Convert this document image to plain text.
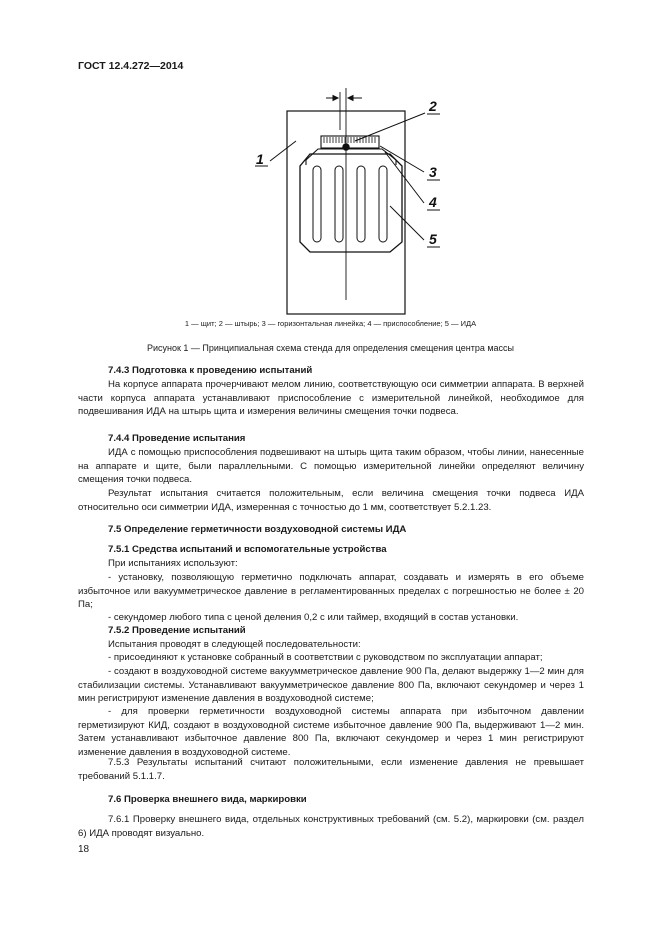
ГОСТ 12.4.272—2014
1
2
3
4
5
1 — щит; 2 — штырь; 3 — горизонтальная линейка; 4 — приспособление; 5 — ИДА
Рисунок 1 — Принципиальная схема стенда для определения смещения центра массы
7.4.3 Подготовка к проведению испытаний
На корпусе аппарата прочерчивают мелом линию, соответствующую оси симметрии аппарата. В верхней части корпуса аппарата устанавливают приспособление с измерительной линейкой, необходимое для подвешивания ИДА на штырь щита и измерения величины смещения точки подвеса.
7.4.4 Проведение испытания
ИДА с помощью приспособления подвешивают на штырь щита таким образом, чтобы линии, нанесенные на аппарате и щите, были параллельными. С помощью измерительной линейки определяют величину смещения точки подвеса.
Результат испытания считается положительным, если величина смещения точки подвеса ИДА относительно оси симметрии ИДА, измеренная с точностью до 1 мм, соответствует 5.2.1.23.
7.5 Определение герметичности воздуховодной системы ИДА
7.5.1 Средства испытаний и вспомогательные устройства
При испытаниях используют:
- установку, позволяющую герметично подключать аппарат, создавать и измерять в его объеме избыточное или вакуумметрическое давление в регламентированных пределах с погрешностью не более ± 20 Па;
- секундомер любого типа с ценой деления 0,2 с или таймер, входящий в состав установки.
7.5.2 Проведение испытаний
Испытания проводят в следующей последовательности:
- присоединяют к установке собранный в соответствии с руководством по эксплуатации аппарат;
- создают в воздуховодной системе вакуумметрическое давление 900 Па, делают выдержку 1—2 мин для стабилизации системы. Устанавливают вакуумметрическое давление 800 Па, включают секундомер и через 1 мин регистрируют изменение давления в воздуховодной системе;
- для проверки герметичности воздуховодной системы аппарата при избыточном давлении герметизируют КИД, создают в воздуховодной системе избыточное давление 900 Па, выдерживают 1—2 мин. Затем устанавливают избыточное давление 800 Па, включают секундомер и через 1 мин регистрируют изменение давления в воздуховодной системе.
7.5.3 Результаты испытаний считают положительными, если изменение давления не превышает требований 5.1.1.7.
7.6 Проверка внешнего вида, маркировки
7.6.1 Проверку внешнего вида, отдельных конструктивных требований (см. 5.2), маркировки (см. раздел 6) ИДА проводят визуально.
18
